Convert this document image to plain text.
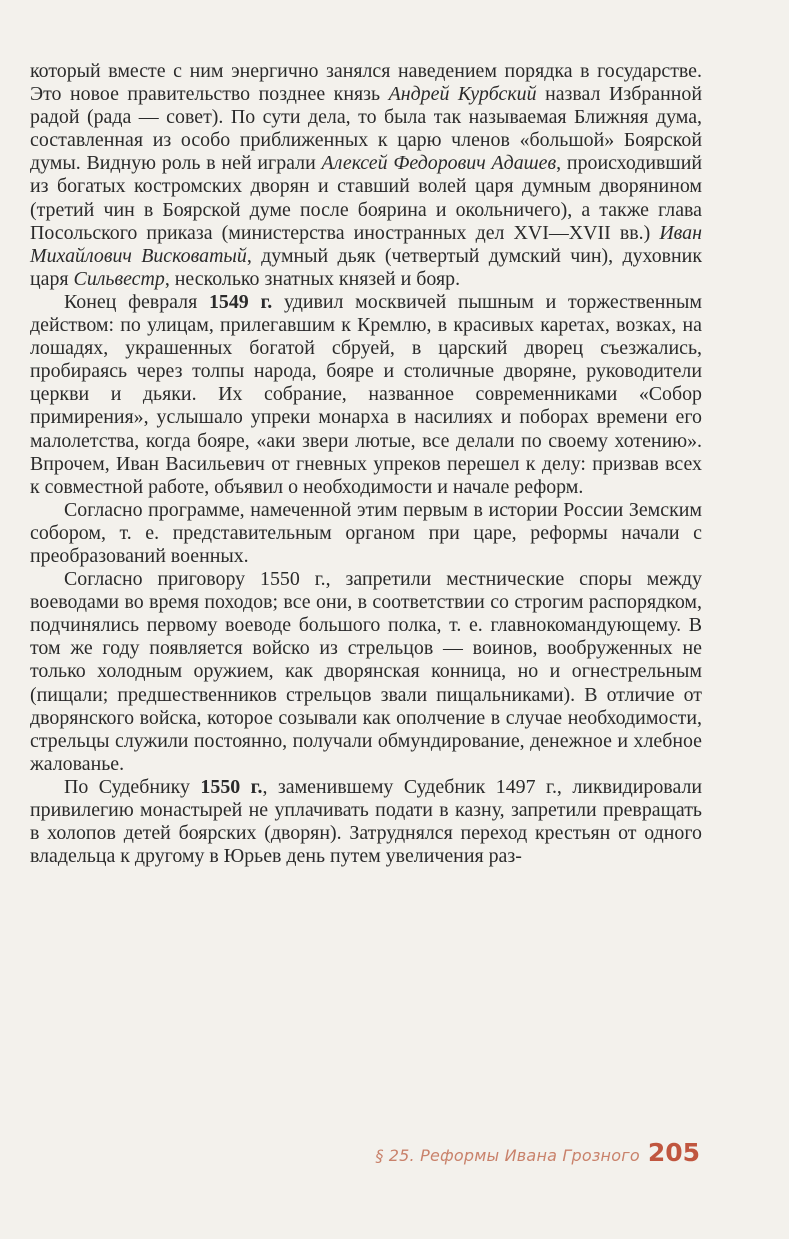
который вместе с ним энергично занялся наведением порядка в государстве. Это новое правительство позднее князь Андрей Курбский назвал Избранной радой (рада — совет). По сути дела, то была так называемая Ближняя дума, составленная из особо приближенных к царю членов «большой» Боярской думы. Видную роль в ней играли Алексей Федорович Адашев, происходивший из богатых костромских дворян и ставший волей царя думным дворянином (третий чин в Боярской думе после боярина и окольничего), а также глава Посольского приказа (министерства иностранных дел XVI—XVII вв.) Иван Михайлович Висковатый, думный дьяк (четвертый думский чин), духовник царя Сильвестр, несколько знатных князей и бояр.

Конец февраля 1549 г. удивил москвичей пышным и торжественным действом: по улицам, прилегавшим к Кремлю, в красивых каретах, возках, на лошадях, украшенных богатой сбруей, в царский дворец съезжались, пробираясь через толпы народа, бояре и столичные дворяне, руководители церкви и дьяки. Их собрание, названное современниками «Собор примирения», услышало упреки монарха в насилиях и поборах времени его малолетства, когда бояре, «аки звери лютые, все делали по своему хотению». Впрочем, Иван Васильевич от гневных упреков перешел к делу: призвав всех к совместной работе, объявил о необходимости и начале реформ.

Согласно программе, намеченной этим первым в истории России Земским собором, т. е. представительным органом при царе, реформы начали с преобразований военных.

Согласно приговору 1550 г., запретили местнические споры между воеводами во время походов; все они, в соответствии со строгим распорядком, подчинялись первому воеводе большого полка, т. е. главнокомандующему. В том же году появляется войско из стрельцов — воинов, вообруженных не только холодным оружием, как дворянская конница, но и огнестрельным (пищали; предшественников стрельцов звали пищальниками). В отличие от дворянского войска, которое созывали как ополчение в случае необходимости, стрельцы служили постоянно, получали обмундирование, денежное и хлебное жалованье.

По Судебнику 1550 г., заменившему Судебник 1497 г., ликвидировали привилегию монастырей не уплачивать подати в казну, запретили превращать в холопов детей боярских (дворян). Затруднялся переход крестьян от одного владельца к другому в Юрьев день путем увеличения раз-

§ 25. Реформы Ивана Грозного 205
